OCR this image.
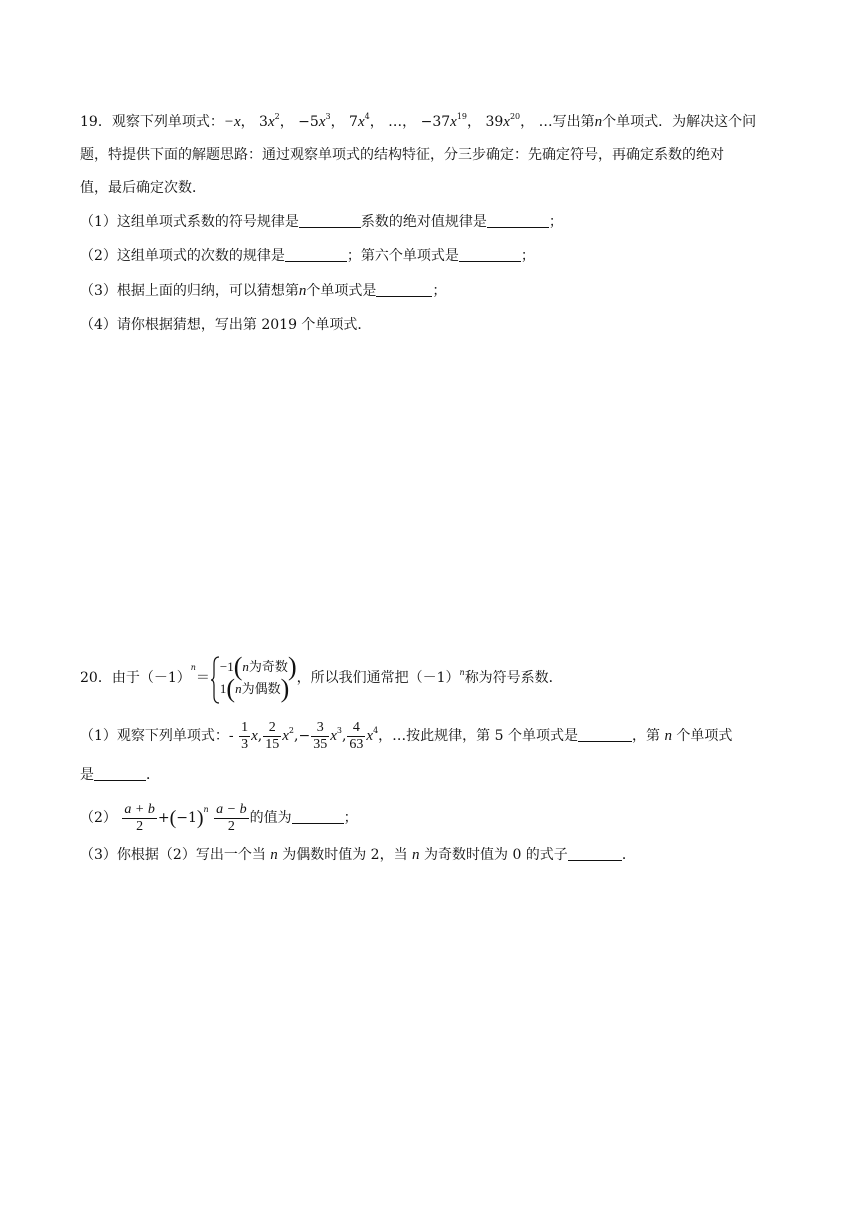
19．观察下列单项式：−x， $3x^2$， $-5x^3$， $7x^4$， …， $-37x^{19}$， $39x^{20}$， …写出第n个单项式．为解决这个问
题，特提供下面的解题思路：通过观察单项式的结构特征，分三步确定：先确定符号，再确定系数的绝对
值，最后确定次数．
（1）这组单项式系数的符号规律是	系数的绝对值规律是	；
（2）这组单项式的次数的规律是	；第六个单项式是	；
（3）根据上面的归纳，可以猜想第n个单项式是	；
（4）请你根据猜想，写出第 2019 个单项式．
20．由于$(-1)^n=$
−1(n为奇数)
1(n为偶数) ，所以我们通常把$(-1)^n$称为符号系数．
（1）观察下列单项式：- $\frac{1}{3} x$, $\frac{2}{15} x^2,- \frac{3}{35} x^3$, $\frac{4}{63} x^4$，…按此规律，第 5 个单项式是	，第 n 个单项式
是	．
$(2) \frac{a + b}{2} +(-1)^n \frac{a - b}{2}$ 的值为	；
（3）你根据（2）写出一个当 n 为偶数时值为 2，当 n 为奇数时值为 0 的式子	．
